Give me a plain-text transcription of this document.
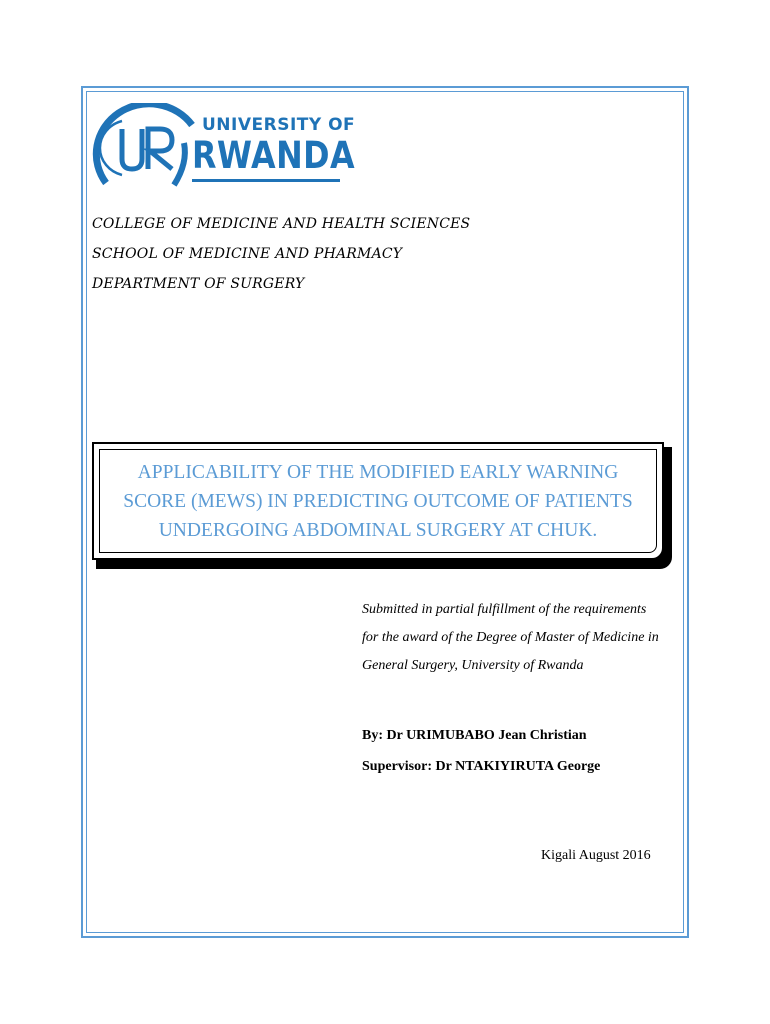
UNIVERSITY OF
RWANDA
COLLEGE OF MEDICINE AND HEALTH SCIENCES
SCHOOL OF MEDICINE AND PHARMACY
DEPARTMENT OF SURGERY
APPLICABILITY OF THE MODIFIED EARLY WARNING
SCORE (MEWS) IN PREDICTING OUTCOME OF PATIENTS
UNDERGOING ABDOMINAL SURGERY AT CHUK.
Submitted in partial fulfillment of the requirements
for the award of the Degree of Master of Medicine in
General Surgery, University of Rwanda
By: Dr URIMUBABO Jean Christian
Supervisor: Dr NTAKIYIRUTA George
Kigali August 2016
